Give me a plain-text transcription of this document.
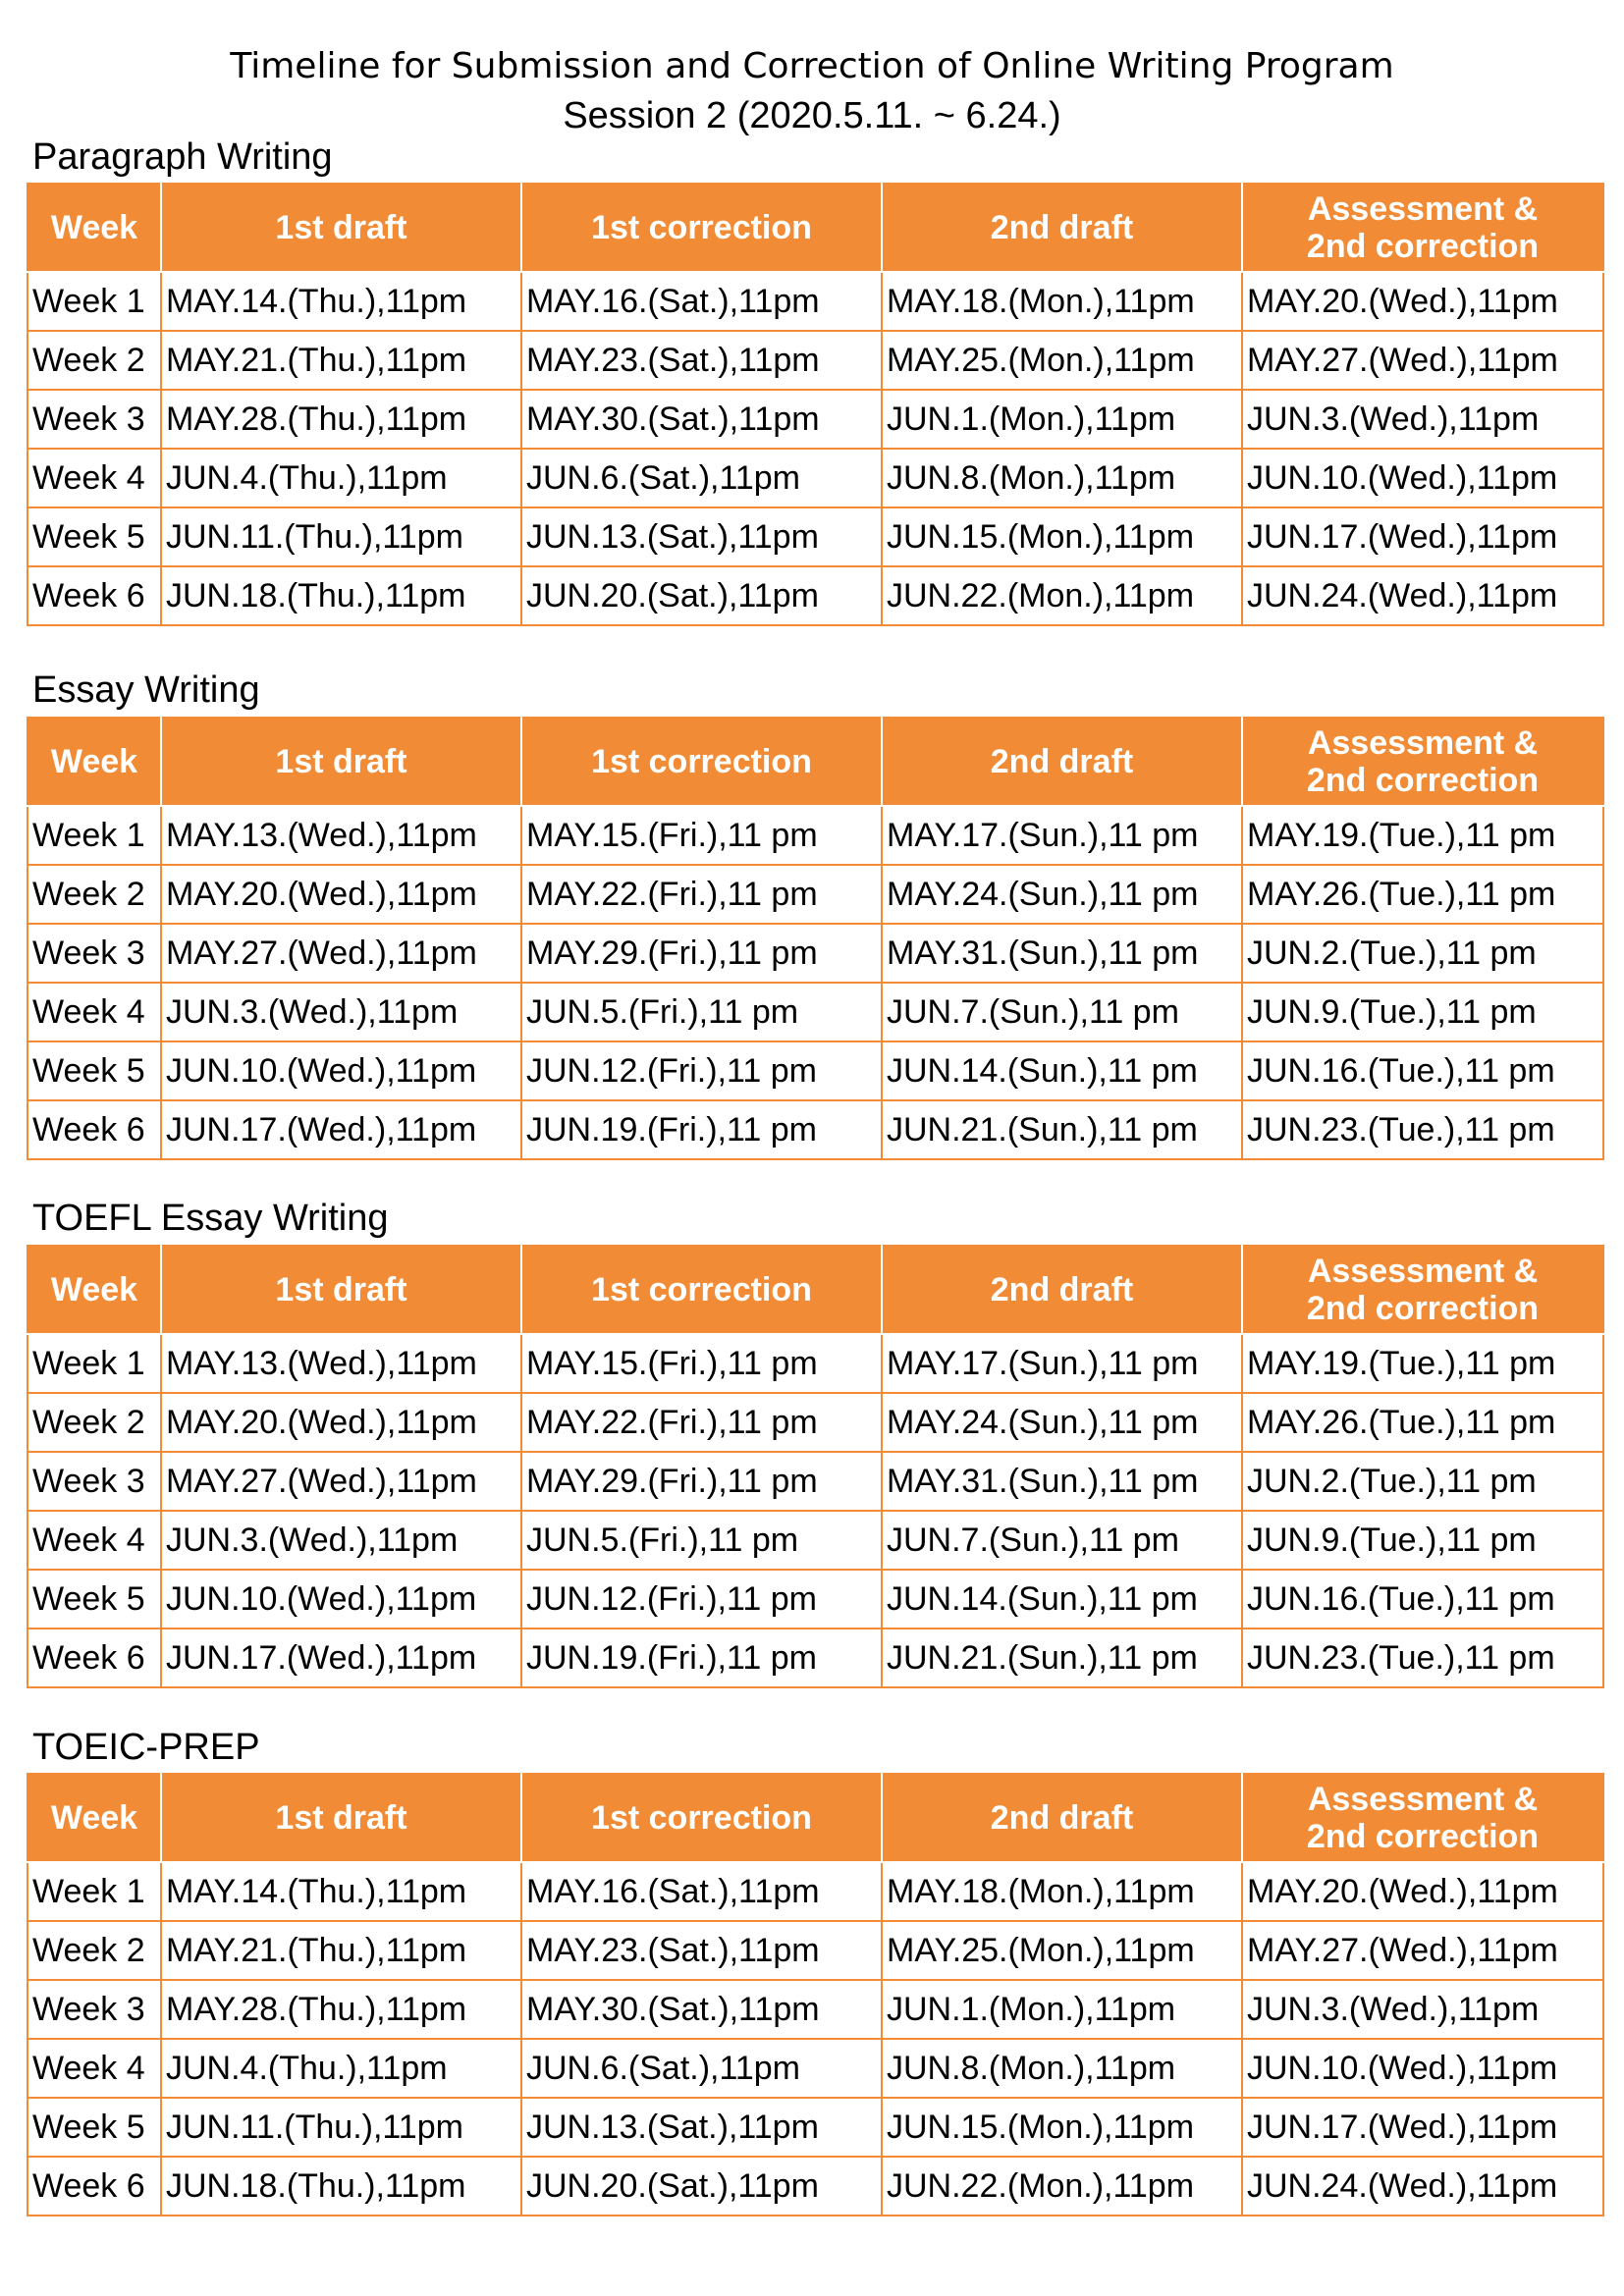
Timeline for Submission and Correction of Online Writing Program
Session 2 (2020.5.11. ~ 6.24.)
Paragraph Writing
Week	1st draft	1st correction	2nd draft	Assessment &
2nd correction
Week 1	MAY.14.(Thu.),11pm	MAY.16.(Sat.),11pm	MAY.18.(Mon.),11pm	MAY.20.(Wed.),11pm
Week 2	MAY.21.(Thu.),11pm	MAY.23.(Sat.),11pm	MAY.25.(Mon.),11pm	MAY.27.(Wed.),11pm
Week 3	MAY.28.(Thu.),11pm	MAY.30.(Sat.),11pm	JUN.1.(Mon.),11pm	JUN.3.(Wed.),11pm
Week 4	JUN.4.(Thu.),11pm	JUN.6.(Sat.),11pm	JUN.8.(Mon.),11pm	JUN.10.(Wed.),11pm
Week 5	JUN.11.(Thu.),11pm	JUN.13.(Sat.),11pm	JUN.15.(Mon.),11pm	JUN.17.(Wed.),11pm
Week 6	JUN.18.(Thu.),11pm	JUN.20.(Sat.),11pm	JUN.22.(Mon.),11pm	JUN.24.(Wed.),11pm
Essay Writing
Week	1st draft	1st correction	2nd draft	Assessment &
2nd correction
Week 1	MAY.13.(Wed.),11pm	MAY.15.(Fri.),11 pm	MAY.17.(Sun.),11 pm	MAY.19.(Tue.),11 pm
Week 2	MAY.20.(Wed.),11pm	MAY.22.(Fri.),11 pm	MAY.24.(Sun.),11 pm	MAY.26.(Tue.),11 pm
Week 3	MAY.27.(Wed.),11pm	MAY.29.(Fri.),11 pm	MAY.31.(Sun.),11 pm	JUN.2.(Tue.),11 pm
Week 4	JUN.3.(Wed.),11pm	JUN.5.(Fri.),11 pm	JUN.7.(Sun.),11 pm	JUN.9.(Tue.),11 pm
Week 5	JUN.10.(Wed.),11pm	JUN.12.(Fri.),11 pm	JUN.14.(Sun.),11 pm	JUN.16.(Tue.),11 pm
Week 6	JUN.17.(Wed.),11pm	JUN.19.(Fri.),11 pm	JUN.21.(Sun.),11 pm	JUN.23.(Tue.),11 pm
TOEFL Essay Writing
Week	1st draft	1st correction	2nd draft	Assessment &
2nd correction
Week 1	MAY.13.(Wed.),11pm	MAY.15.(Fri.),11 pm	MAY.17.(Sun.),11 pm	MAY.19.(Tue.),11 pm
Week 2	MAY.20.(Wed.),11pm	MAY.22.(Fri.),11 pm	MAY.24.(Sun.),11 pm	MAY.26.(Tue.),11 pm
Week 3	MAY.27.(Wed.),11pm	MAY.29.(Fri.),11 pm	MAY.31.(Sun.),11 pm	JUN.2.(Tue.),11 pm
Week 4	JUN.3.(Wed.),11pm	JUN.5.(Fri.),11 pm	JUN.7.(Sun.),11 pm	JUN.9.(Tue.),11 pm
Week 5	JUN.10.(Wed.),11pm	JUN.12.(Fri.),11 pm	JUN.14.(Sun.),11 pm	JUN.16.(Tue.),11 pm
Week 6	JUN.17.(Wed.),11pm	JUN.19.(Fri.),11 pm	JUN.21.(Sun.),11 pm	JUN.23.(Tue.),11 pm
TOEIC-PREP
Week	1st draft	1st correction	2nd draft	Assessment &
2nd correction
Week 1	MAY.14.(Thu.),11pm	MAY.16.(Sat.),11pm	MAY.18.(Mon.),11pm	MAY.20.(Wed.),11pm
Week 2	MAY.21.(Thu.),11pm	MAY.23.(Sat.),11pm	MAY.25.(Mon.),11pm	MAY.27.(Wed.),11pm
Week 3	MAY.28.(Thu.),11pm	MAY.30.(Sat.),11pm	JUN.1.(Mon.),11pm	JUN.3.(Wed.),11pm
Week 4	JUN.4.(Thu.),11pm	JUN.6.(Sat.),11pm	JUN.8.(Mon.),11pm	JUN.10.(Wed.),11pm
Week 5	JUN.11.(Thu.),11pm	JUN.13.(Sat.),11pm	JUN.15.(Mon.),11pm	JUN.17.(Wed.),11pm
Week 6	JUN.18.(Thu.),11pm	JUN.20.(Sat.),11pm	JUN.22.(Mon.),11pm	JUN.24.(Wed.),11pm
